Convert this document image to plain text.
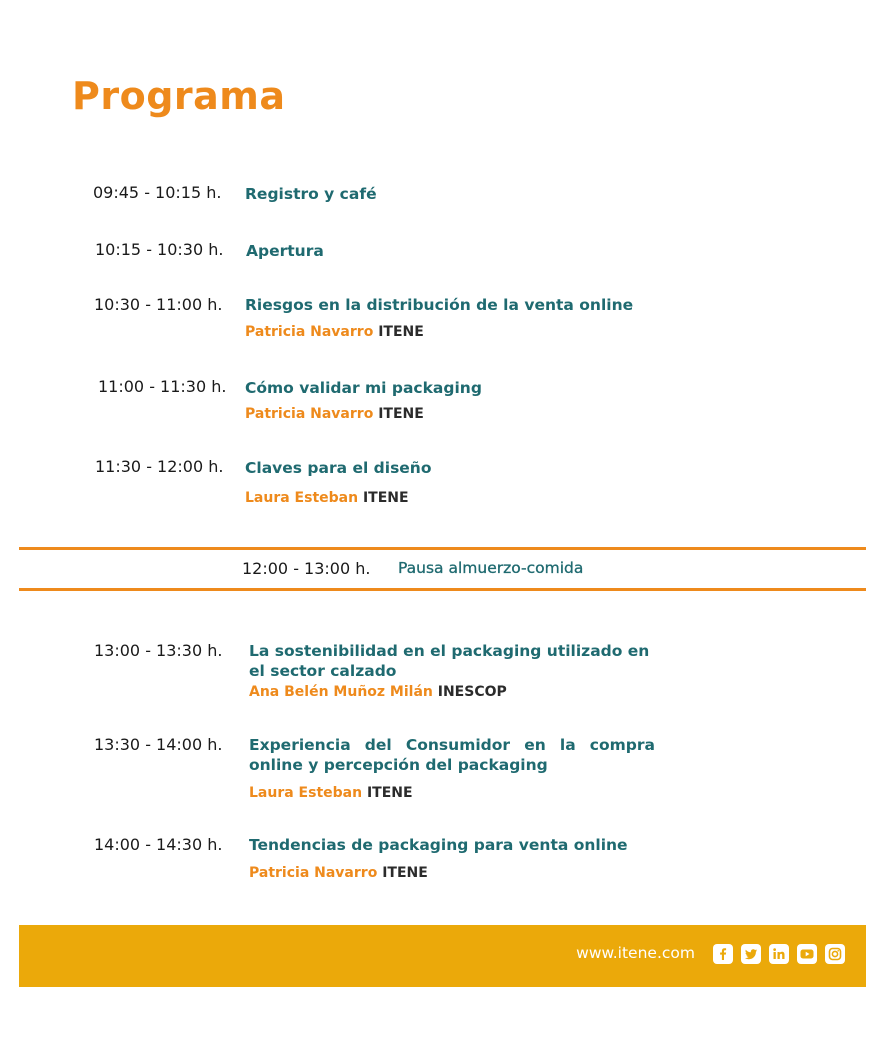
Programa
09:45 - 10:15 h. Registro y café
10:15 - 10:30 h. Apertura
10:30 - 11:00 h. Riesgos en la distribución de la venta online
Patricia Navarro ITENE
11:00 - 11:30 h. Cómo validar mi packaging
Patricia Navarro ITENE
11:30 - 12:00 h. Claves para el diseño
Laura Esteban ITENE
12:00 - 13:00 h. Pausa almuerzo-comida
13:00 - 13:30 h. La sostenibilidad en el packaging utilizado en el sector calzado
Ana Belén Muñoz Milán INESCOP
13:30 - 14:00 h. Experiencia del Consumidor en la compra online y percepción del packaging
Laura Esteban ITENE
14:00 - 14:30 h. Tendencias de packaging para venta online
Patricia Navarro ITENE
www.itene.com
